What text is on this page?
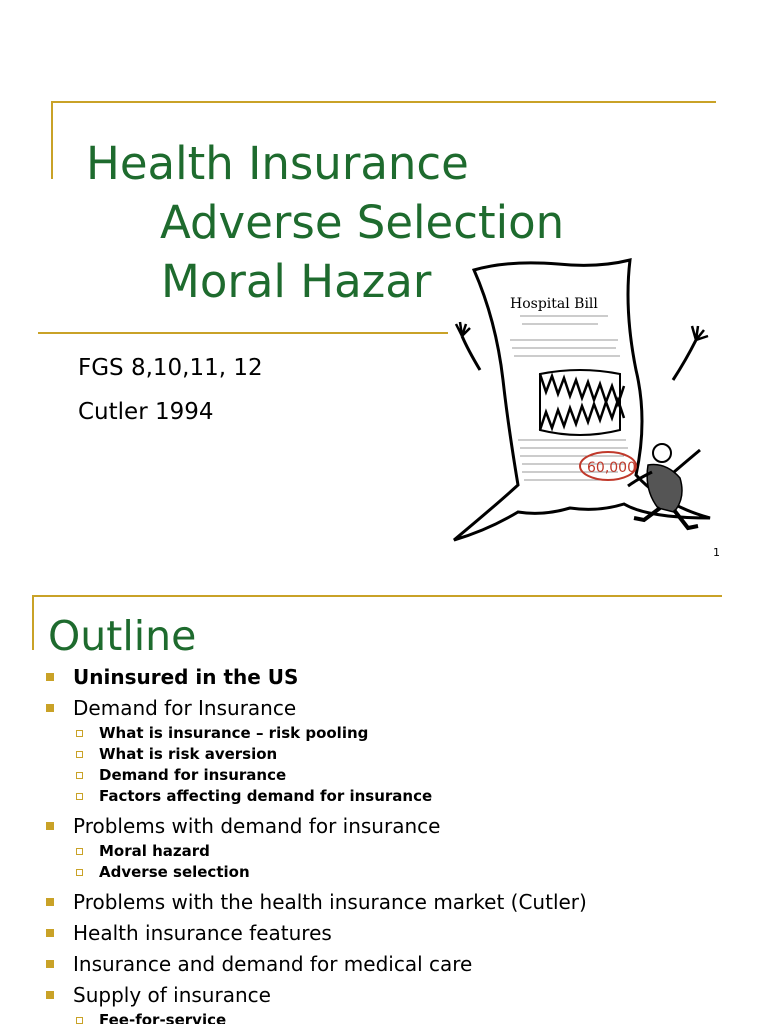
Health Insurance
Adverse Selection
Moral Hazar
FGS 8,10,11, 12
Cutler 1994
Hospital Bill
60,000
1
Outline
Uninsured in the US
Demand for Insurance
What is insurance – risk pooling
What is risk aversion
Demand for insurance
Factors affecting demand for insurance
Problems with demand for insurance
Moral hazard
Adverse selection
Problems with the health insurance market (Cutler)
Health insurance features
Insurance and demand for medical care
Supply of insurance
Fee-for-service
